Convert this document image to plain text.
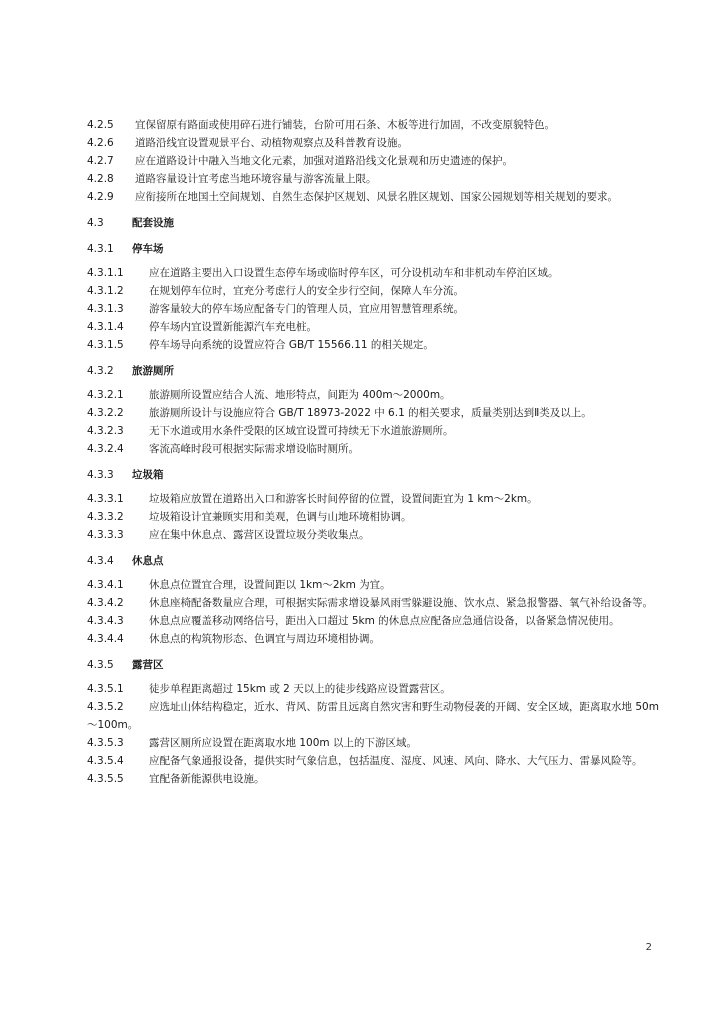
4.2.5 宜保留原有路面或使用碎石进行铺装，台阶可用石条、木板等进行加固，不改变原貌特色。
4.2.6 道路沿线宜设置观景平台、动植物观察点及科普教育设施。
4.2.7 应在道路设计中融入当地文化元素，加强对道路沿线文化景观和历史遗迹的保护。
4.2.8 道路容量设计宜考虑当地环境容量与游客流量上限。
4.2.9 应衔接所在地国土空间规划、自然生态保护区规划、风景名胜区规划、国家公园规划等相关规划的要求。
4.3	配套设施
4.3.1 停车场
4.3.1.1 应在道路主要出入口设置生态停车场或临时停车区，可分设机动车和非机动车停泊区域。
4.3.1.2 在规划停车位时，宜充分考虑行人的安全步行空间，保障人车分流。
4.3.1.3 游客量较大的停车场应配备专门的管理人员，宜应用智慧管理系统。
4.3.1.4 停车场内宜设置新能源汽车充电桩。
4.3.1.5 停车场导向系统的设置应符合 GB/T 15566.11 的相关规定。
4.3.2 旅游厕所
4.3.2.1 旅游厕所设置应结合人流、地形特点，间距为 400m～2000m。
4.3.2.2 旅游厕所设计与设施应符合 GB/T 18973-2022 中 6.1 的相关要求，质量类别达到Ⅱ类及以上。
4.3.2.3 无下水道或用水条件受限的区域宜设置可持续无下水道旅游厕所。
4.3.2.4 客流高峰时段可根据实际需求增设临时厕所。
4.3.3 垃圾箱
4.3.3.1 垃圾箱应放置在道路出入口和游客长时间停留的位置，设置间距宜为 1 km～2km。
4.3.3.2 垃圾箱设计宜兼顾实用和美观，色调与山地环境相协调。
4.3.3.3 应在集中休息点、露营区设置垃圾分类收集点。
4.3.4 休息点
4.3.4.1 休息点位置宜合理，设置间距以 1km～2km 为宜。
4.3.4.2 休息座椅配备数量应合理，可根据实际需求增设暴风雨雪躲避设施、饮水点、紧急报警器、氧气补给设备等。
4.3.4.3 休息点应覆盖移动网络信号，距出入口超过 5km 的休息点应配备应急通信设备，以备紧急情况使用。
4.3.4.4 休息点的构筑物形态、色调宜与周边环境相协调。
4.3.5 露营区
4.3.5.1 徒步单程距离超过 15km 或 2 天以上的徒步线路应设置露营区。
4.3.5.2 应选址山体结构稳定，近水、背风、防雷且远离自然灾害和野生动物侵袭的开阔、安全区域，距离取水地 50m～100m。
4.3.5.3 露营区厕所应设置在距离取水地 100m 以上的下游区域。
4.3.5.4 应配备气象通报设备，提供实时气象信息，包括温度、湿度、风速、风向、降水、大气压力、雷暴风险等。
4.3.5.5 宜配备新能源供电设施。
2
